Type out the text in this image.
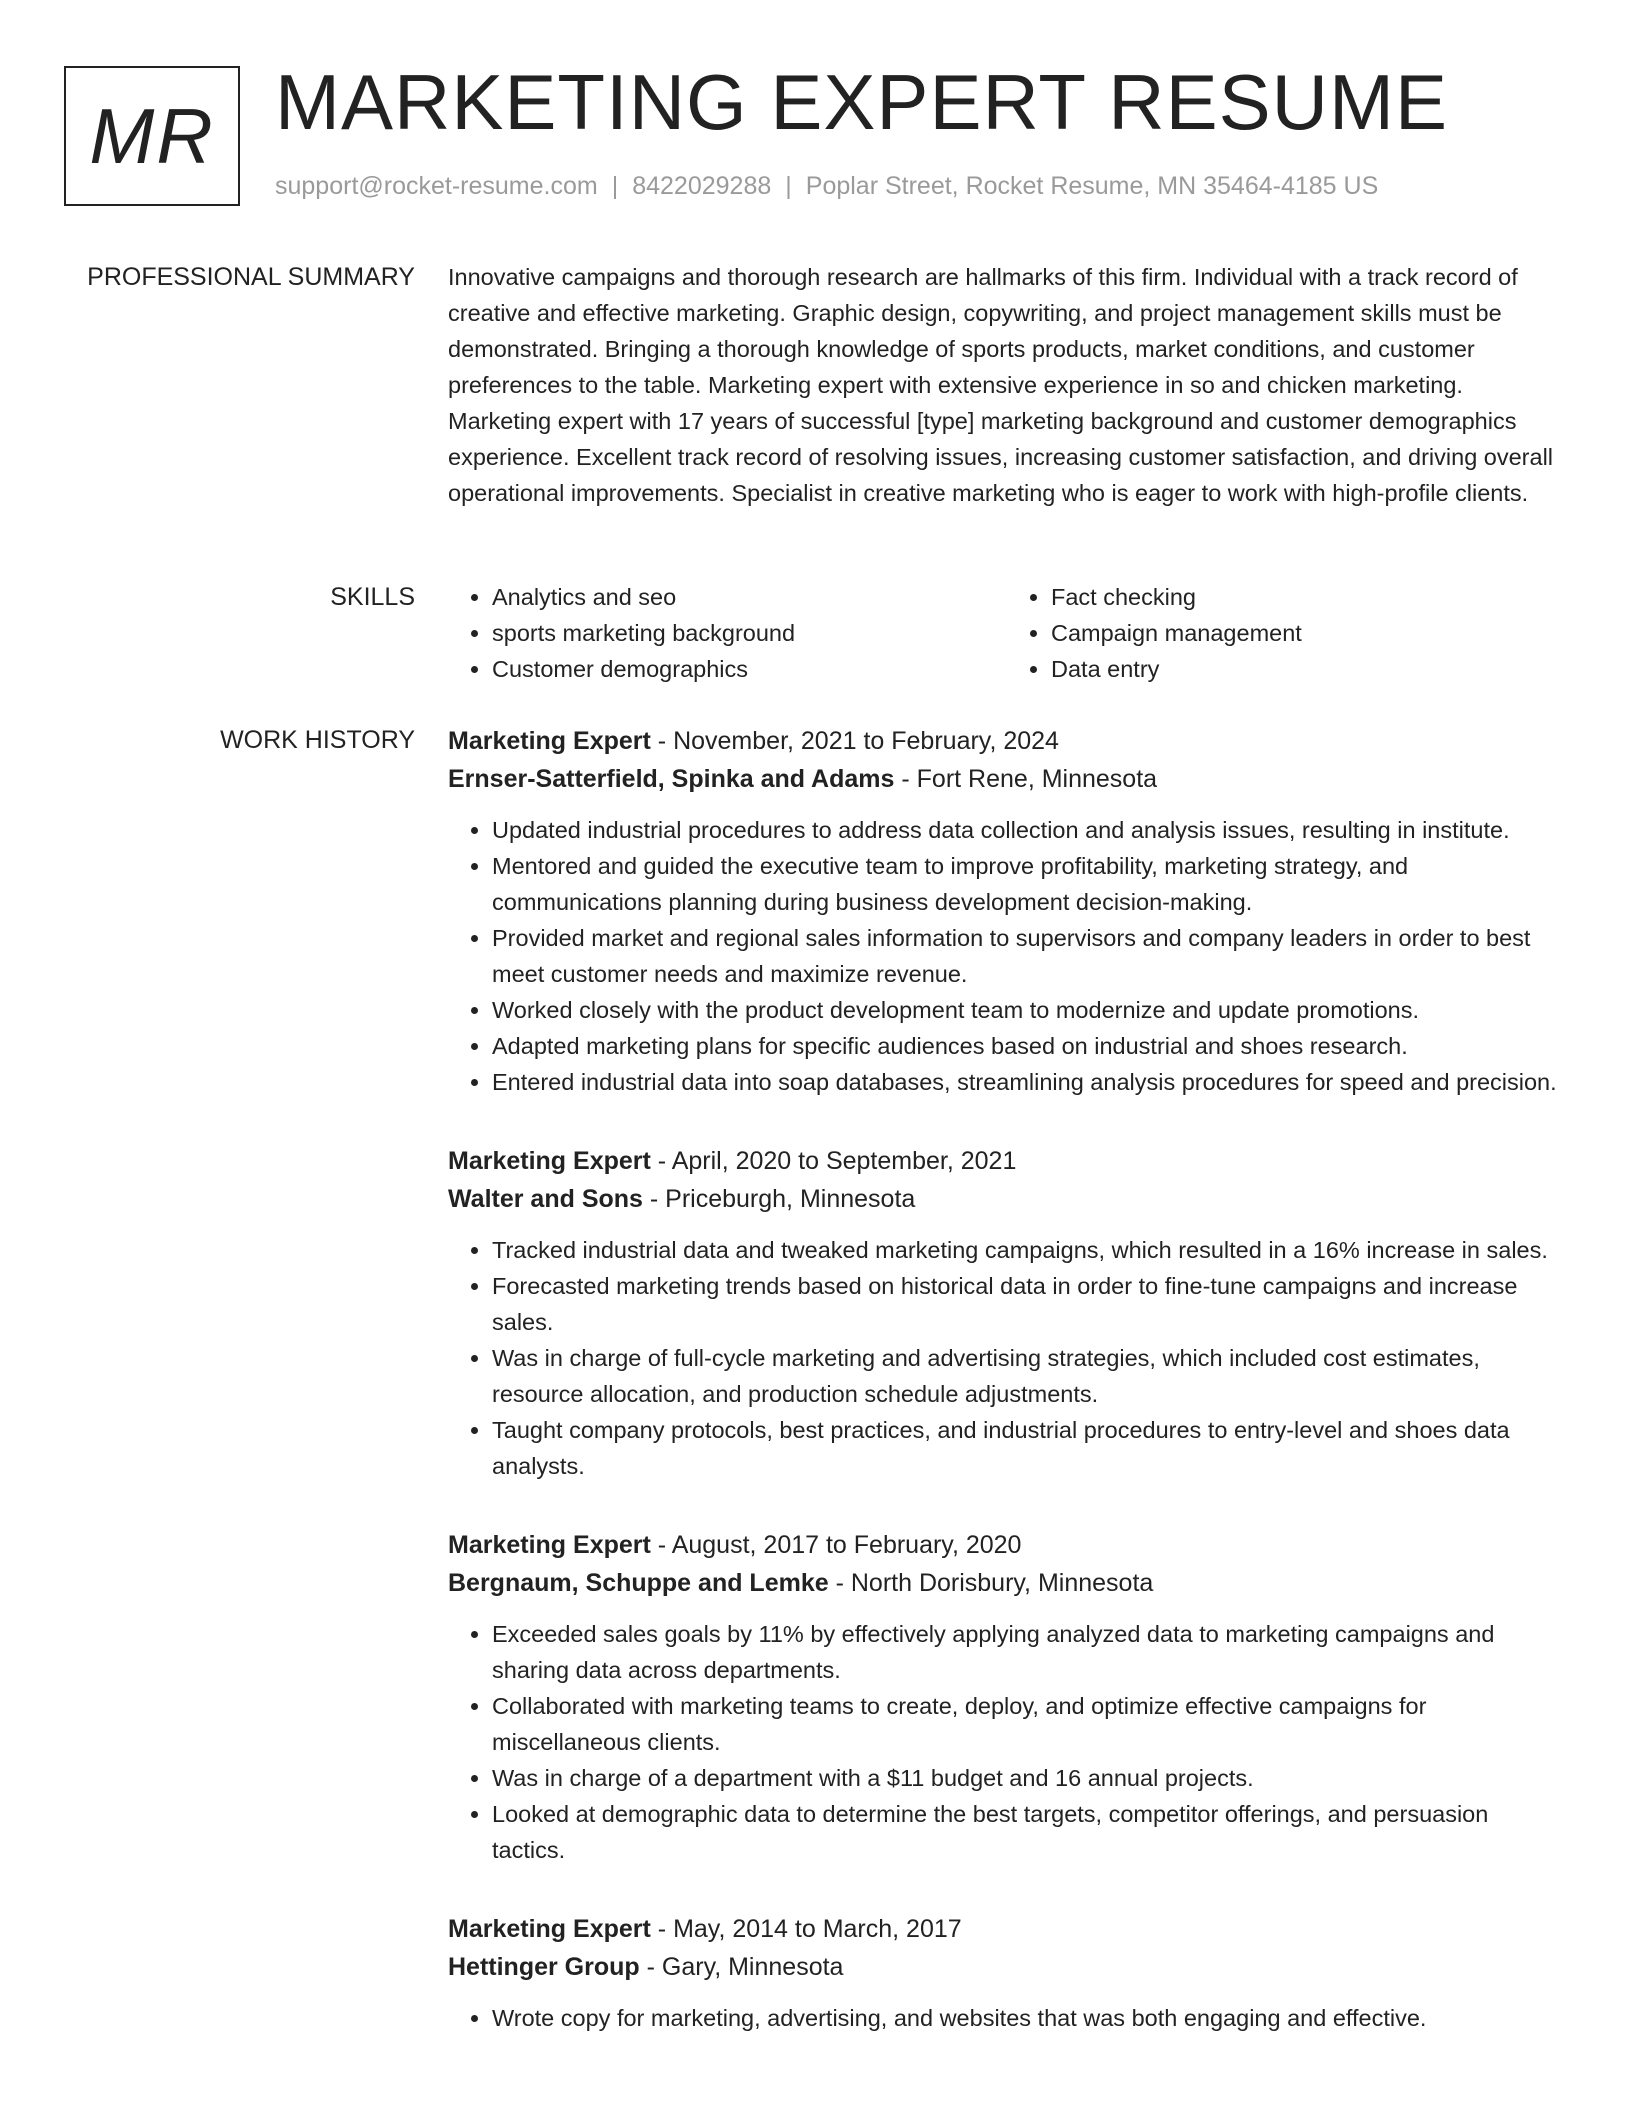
MR MARKETING EXPERT RESUME
support@rocket-resume.com | 8422029288 | Poplar Street, Rocket Resume, MN 35464-4185 US
PROFESSIONAL SUMMARY Innovative campaigns and thorough research are hallmarks of this firm. Individual with a track record of creative and effective marketing. Graphic design, copywriting, and project management skills must be demonstrated. Bringing a thorough knowledge of sports products, market conditions, and customer preferences to the table. Marketing expert with extensive experience in so and chicken marketing. Marketing expert with 17 years of successful [type] marketing background and customer demographics experience. Excellent track record of resolving issues, increasing customer satisfaction, and driving overall operational improvements. Specialist in creative marketing who is eager to work with high-profile clients.

SKILLS
•	Analytics and seo
• sports marketing background
• Customer demographics
• Fact checking
• Campaign management
• Data entry
WORK HISTORY Marketing Expert - November, 2021 to February, 2024
Ernser-Satterfield, Spinka and Adams - Fort Rene, Minnesota
• Updated industrial procedures to address data collection and analysis issues, resulting in institute.
• Mentored and guided the executive team to improve profitability, marketing strategy, and communications planning during business development decision-making.
• Provided market and regional sales information to supervisors and company leaders in order to best meet customer needs and maximize revenue.
• Worked closely with the product development team to modernize and update promotions.
• Adapted marketing plans for specific audiences based on industrial and shoes research.
• Entered industrial data into soap databases, streamlining analysis procedures for speed and precision.
Marketing Expert - April, 2020 to September, 2021
Walter and Sons - Priceburgh, Minnesota
• Tracked industrial data and tweaked marketing campaigns, which resulted in a 16% increase in sales.
• Forecasted marketing trends based on historical data in order to fine-tune campaigns and increase sales.
• Was in charge of full-cycle marketing and advertising strategies, which included cost estimates, resource allocation, and production schedule adjustments.
• Taught company protocols, best practices, and industrial procedures to entry-level and shoes data analysts.
Marketing Expert - August, 2017 to February, 2020
Bergnaum, Schuppe and Lemke - North Dorisbury, Minnesota
• Exceeded sales goals by 11% by effectively applying analyzed data to marketing campaigns and sharing data across departments.
• Collaborated with marketing teams to create, deploy, and optimize effective campaigns for miscellaneous clients.
• Was in charge of a department with a $11 budget and 16 annual projects.
• Looked at demographic data to determine the best targets, competitor offerings, and persuasion tactics.
Marketing Expert - May, 2014 to March, 2017
Hettinger Group - Gary, Minnesota
• Wrote copy for marketing, advertising, and websites that was both engaging and effective.
